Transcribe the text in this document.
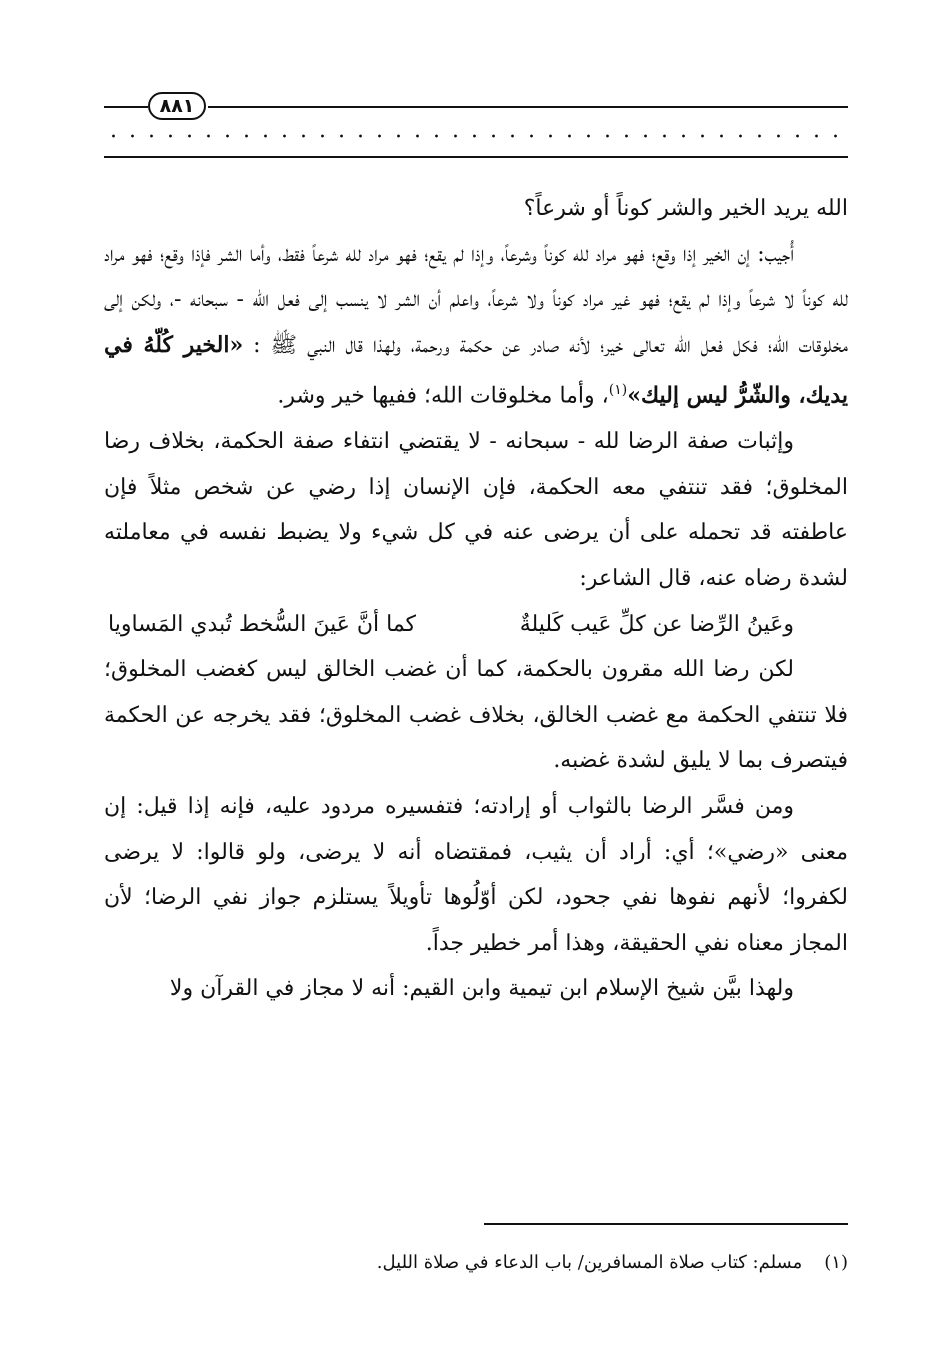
٨٨١

الله يريد الخير والشر كوناً أو شرعاً؟

أُجيب: إن الخير إذا وقع؛ فهو مراد لله كوناً وشرعاً، وإذا لم يقع؛ فهو مراد لله شرعاً فقط، وأما الشر فإذا وقع؛ فهو مراد لله كوناً لا شرعاً وإذا لم يقع؛ فهو غير مراد كوناً ولا شرعاً، واعلم أن الشر لا ينسب إلى فعل الله - سبحانه -، ولكن إلى مخلوقات الله؛ فكل فعل الله تعالى خير؛ لأنه صادر عن حكمة ورحمة، ولهذا قال النبي ﷺ : «الخير كُلّهُ في يديك، والشّرُّ ليس إليك»$^{(١)}$، وأما مخلوقات الله؛ ففيها خير وشر.

وإثبات صفة الرضا لله - سبحانه - لا يقتضي انتفاء صفة الحكمة، بخلاف رضا المخلوق؛ فقد تنتفي معه الحكمة، فإن الإنسان إذا رضي عن شخص مثلاً فإن عاطفته قد تحمله على أن يرضى عنه في كل شيء ولا يضبط نفسه في معاملته لشدة رضاه عنه، قال الشاعر:

وعَينُ الرِّضا عن كلِّ عَيب كَليلةٌ
كما أنَّ عَينَ السُّخط تُبدي المَساويا

لكن رضا الله مقرون بالحكمة، كما أن غضب الخالق ليس كغضب المخلوق؛ فلا تنتفي الحكمة مع غضب الخالق، بخلاف غضب المخلوق؛ فقد يخرجه عن الحكمة فيتصرف بما لا يليق لشدة غضبه.

ومن فسَّر الرضا بالثواب أو إرادته؛ فتفسيره مردود عليه، فإنه إذا قيل: إن معنى «رضي»؛ أي: أراد أن يثيب، فمقتضاه أنه لا يرضى، ولو قالوا: لا يرضى لكفروا؛ لأنهم نفوها نفي جحود، لكن أوّلُوها تأويلاً يستلزم جواز نفي الرضا؛ لأن المجاز معناه نفي الحقيقة، وهذا أمر خطير جداً.

ولهذا بيَّن شيخ الإسلام ابن تيمية وابن القيم: أنه لا مجاز في القرآن ولا

(١)مسلم: كتاب صلاة المسافرين/ باب الدعاء في صلاة الليل.
